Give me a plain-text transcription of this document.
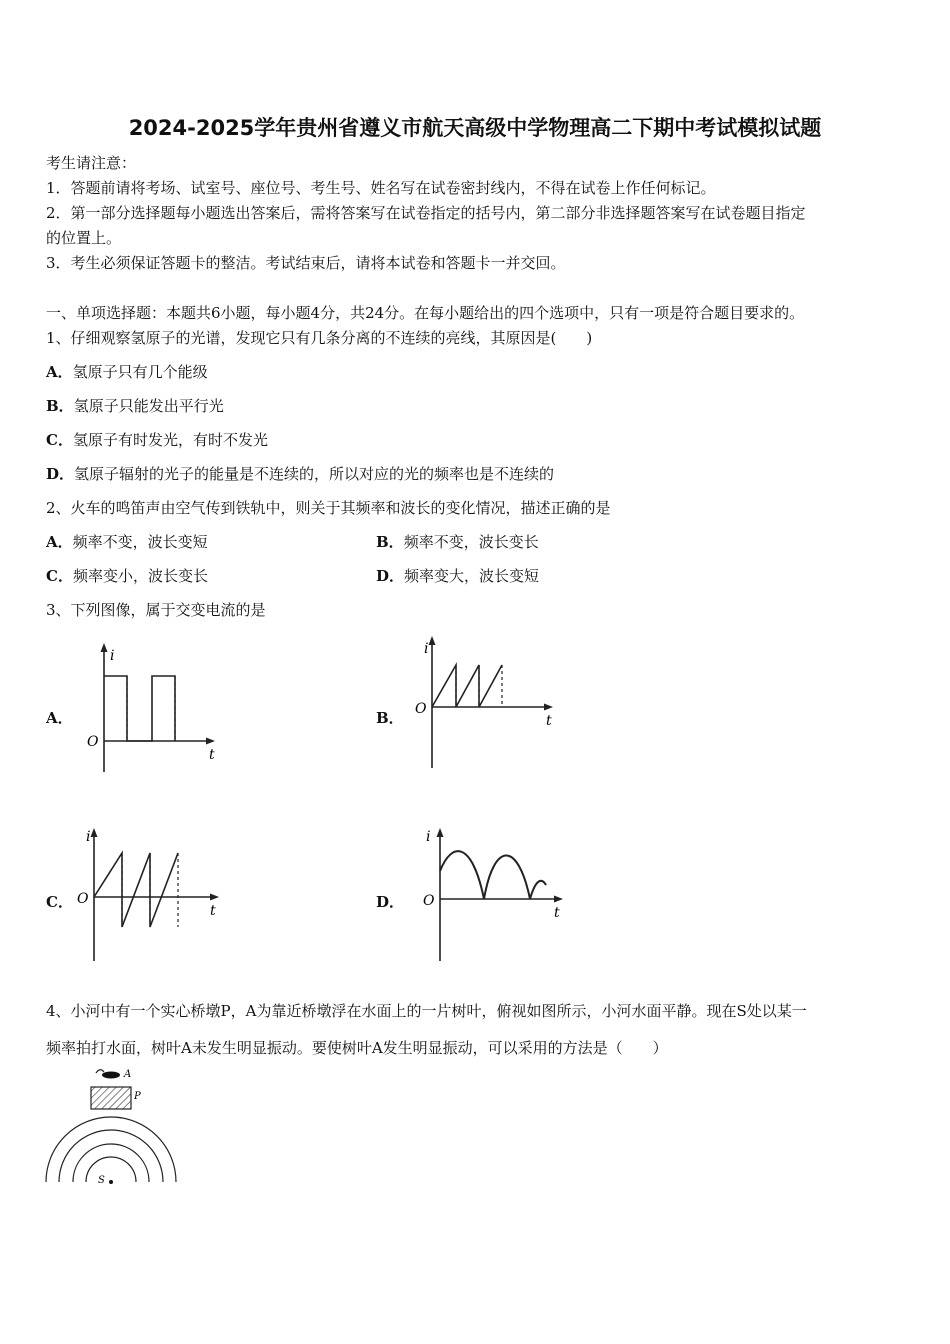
2024-2025学年贵州省遵义市航天高级中学物理高二下期中考试模拟试题
考生请注意：
1．答题前请将考场、试室号、座位号、考生号、姓名写在试卷密封线内，不得在试卷上作任何标记。
2．第一部分选择题每小题选出答案后，需将答案写在试卷指定的括号内，第二部分非选择题答案写在试卷题目指定
的位置上。
3．考生必须保证答题卡的整洁。考试结束后，请将本试卷和答题卡一并交回。
一、单项选择题：本题共6小题，每小题4分，共24分。在每小题给出的四个选项中，只有一项是符合题目要求的。
1、仔细观察氢原子的光谱，发现它只有几条分离的不连续的亮线，其原因是(　　)
A．氢原子只有几个能级
B．氢原子只能发出平行光
C．氢原子有时发光，有时不发光
D．氢原子辐射的光子的能量是不连续的，所以对应的光的频率也是不连续的
2、火车的鸣笛声由空气传到铁轨中，则关于其频率和波长的变化情况，描述正确的是
A．频率不变，波长变短	B．频率不变，波长变长
C．频率变小，波长变长	D．频率变大，波长变短
3、下列图像，属于交变电流的是
A．	B．
C．	D．
i
t
O
i
t
O
i
t
O
i
t
O
4、小河中有一个实心桥墩P，A为靠近桥墩浮在水面上的一片树叶，俯视如图所示，小河水面平静。现在S处以某一
频率拍打水面，树叶A未发生明显振动。要使树叶A发生明显振动，可以采用的方法是（　　）
A
P
S
